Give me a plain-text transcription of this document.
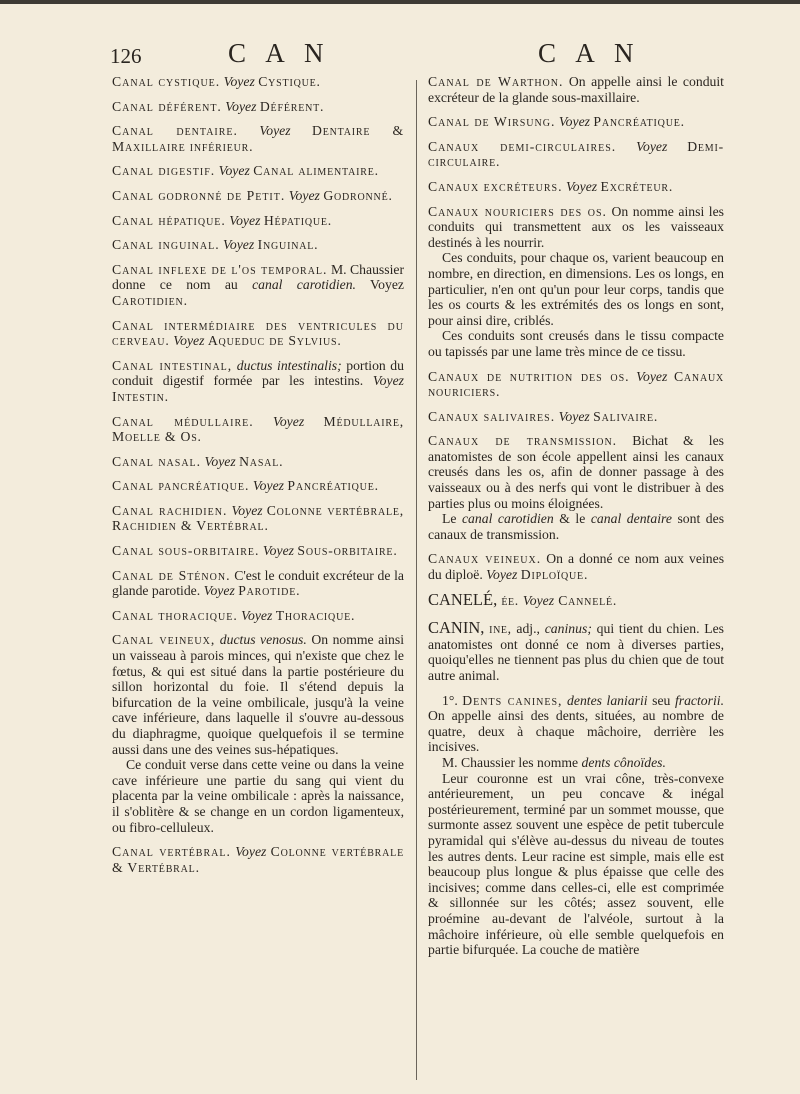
126	C A N	C A N

Canal cystique. Voyez Cystique.

Canal déférent. Voyez Déférent.

Canal dentaire. Voyez Dentaire & Maxillaire inférieur.

Canal digestif. Voyez Canal alimentaire.

Canal godronné de Petit. Voyez Godronné.

Canal hépatique. Voyez Hépatique.

Canal inguinal. Voyez Inguinal.

Canal inflexe de l'os temporal. M. Chaussier donne ce nom au canal carotidien. Voyez Carotidien.

Canal intermédiaire des ventricules du cerveau. Voyez Aqueduc de Sylvius.

Canal intestinal, ductus intestinalis; portion du conduit digestif formée par les intestins. Voyez Intestin.

Canal médullaire. Voyez Médullaire, Moelle & Os.

Canal nasal. Voyez Nasal.

Canal pancréatique. Voyez Pancréatique.

Canal rachidien. Voyez Colonne vertébrale, Rachidien & Vertébral.

Canal sous-orbitaire. Voyez Sous-orbitaire.

Canal de Sténon. C'est le conduit excréteur de la glande parotide. Voyez Parotide.

Canal thoracique. Voyez Thoracique.

Canal veineux, ductus venosus. On nomme ainsi un vaisseau à parois minces, qui n'existe que chez le fœtus, & qui est situé dans la partie postérieure du sillon horizontal du foie. Il s'étend depuis la bifurcation de la veine ombilicale, jusqu'à la veine cave inférieure, dans laquelle il s'ouvre au-dessous du diaphragme, quoique quelquefois il se termine aussi dans une des veines sus-hépatiques.

Ce conduit verse dans cette veine ou dans la veine cave inférieure une partie du sang qui vient du placenta par la veine ombilicale : après la naissance, il s'oblitère & se change en un cordon ligamenteux, ou fibro-celluleux.

Canal vertébral. Voyez Colonne vertébrale & Vertébral.

Canal de Warthon. On appelle ainsi le conduit excréteur de la glande sous-maxillaire.

Canal de Wirsung. Voyez Pancréatique.

Canaux demi-circulaires. Voyez Demi-circulaire.

Canaux excréteurs. Voyez Excréteur.

Canaux nouriciers des os. On nomme ainsi les conduits qui transmettent aux os les vaisseaux destinés à les nourrir.

Ces conduits, pour chaque os, varient beaucoup en nombre, en direction, en dimensions. Les os longs, en particulier, n'en ont qu'un pour leur corps, tandis que les os courts & les extrémités des os longs en sont, pour ainsi dire, criblés.

Ces conduits sont creusés dans le tissu compacte ou tapissés par une lame très mince de ce tissu.

Canaux de nutrition des os. Voyez Canaux nouriciers.

Canaux salivaires. Voyez Salivaire.

Canaux de transmission. Bichat & les anatomistes de son école appellent ainsi les canaux creusés dans les os, afin de donner passage à des vaisseaux ou à des nerfs qui vont le distribuer à des parties plus ou moins éloignées.

Le canal carotidien & le canal dentaire sont des canaux de transmission.

Canaux veineux. On a donné ce nom aux veines du diploë. Voyez Diploïque.

CANELÉ, ée. Voyez Cannelé.

CANIN, ine, adj., caninus; qui tient du chien. Les anatomistes ont donné ce nom à diverses parties, quoiqu'elles ne tiennent pas plus du chien que de tout autre animal.

1°. Dents canines, dentes laniarii seu fractorii. On appelle ainsi des dents, situées, au nombre de quatre, deux à chaque mâchoire, derrière les incisives.

M. Chaussier les nomme dents cônoïdes.

Leur couronne est un vrai cône, très-convexe antérieurement, un peu concave & inégal postérieurement, terminé par un sommet mousse, que surmonte assez souvent une espèce de petit tubercule pyramidal qui s'élève au-dessus du niveau de toutes les autres dents. Leur racine est simple, mais elle est beaucoup plus longue & plus épaisse que celle des incisives; comme dans celles-ci, elle est comprimée & sillonnée sur les côtés; assez souvent, elle proémine au-devant de l'alvéole, surtout à la mâchoire inférieure, où elle semble quelquefois en partie bifurquée. La couche de matière
